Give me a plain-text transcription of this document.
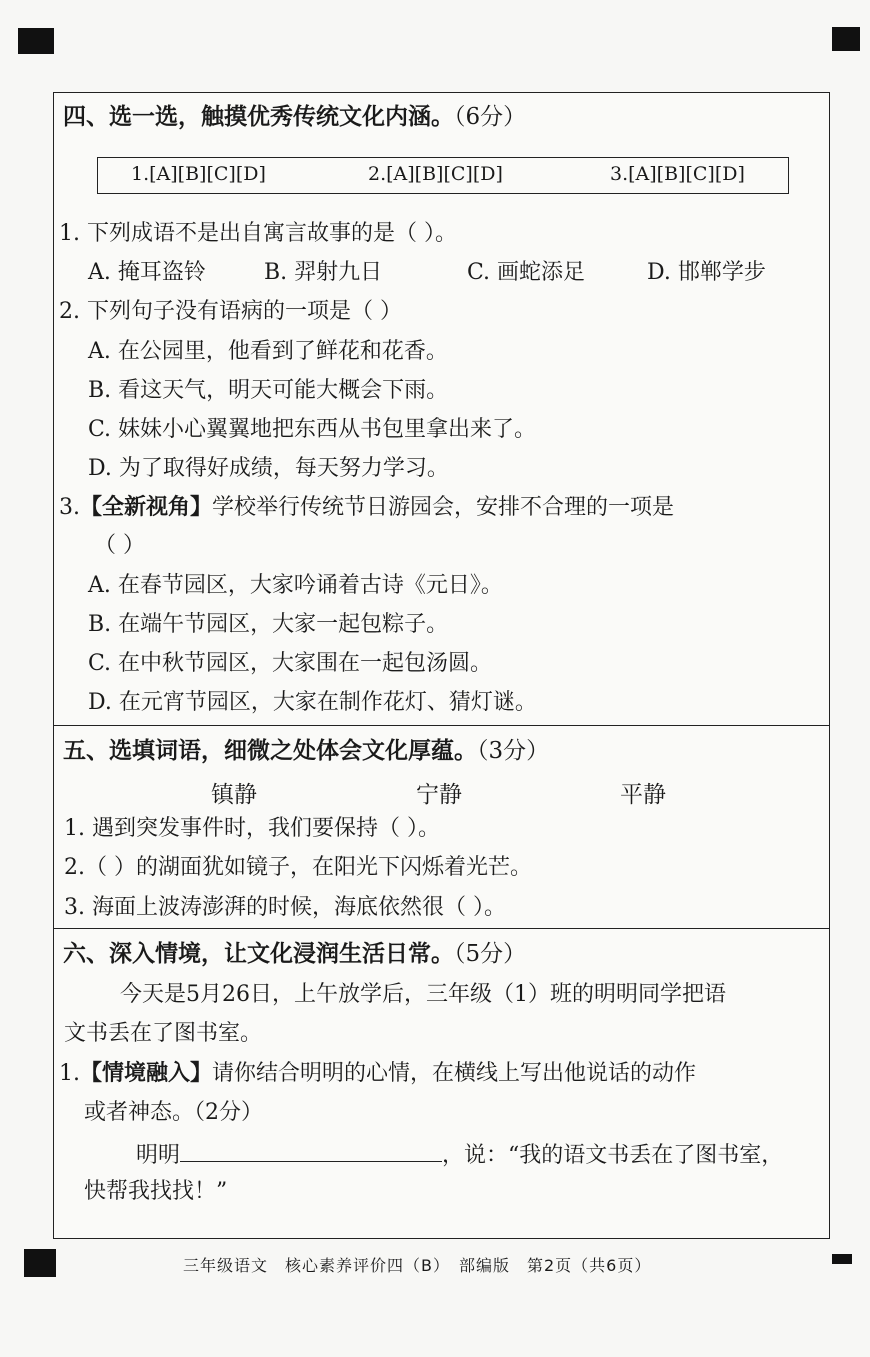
四、选一选，触摸优秀传统文化内涵。（6分）
1.[A][B][C][D]	2.[A][B][C][D]	3.[A][B][C][D]
1. 下列成语不是出自寓言故事的是（ ）。
A. 掩耳盗铃	B. 羿射九日	C. 画蛇添足	D. 邯郸学步
2. 下列句子没有语病的一项是（ ）
A. 在公园里，他看到了鲜花和花香。
B. 看这天气，明天可能大概会下雨。
C. 妹妹小心翼翼地把东西从书包里拿出来了。
D. 为了取得好成绩，每天努力学习。
3.【全新视角】学校举行传统节日游园会，安排不合理的一项是
（ ）
A. 在春节园区，大家吟诵着古诗《元日》。
B. 在端午节园区，大家一起包粽子。
C. 在中秋节园区，大家围在一起包汤圆。
D. 在元宵节园区，大家在制作花灯、猜灯谜。
五、选填词语，细微之处体会文化厚蕴。（3分）
镇静	宁静	平静
1. 遇到突发事件时，我们要保持（ ）。
2.（ ）的湖面犹如镜子，在阳光下闪烁着光芒。
3. 海面上波涛澎湃的时候，海底依然很（ ）。
六、深入情境，让文化浸润生活日常。（5分）
今天是5月26日，上午放学后，三年级（1）班的明明同学把语
文书丢在了图书室。
1.【情境融入】请你结合明明的心情，在横线上写出他说话的动作
或者神态。（2分）
明明	，说：“我的语文书丢在了图书室，
快帮我找找！”
三年级语文　核心素养评价四（B）　部编版　第2页（共6页）
